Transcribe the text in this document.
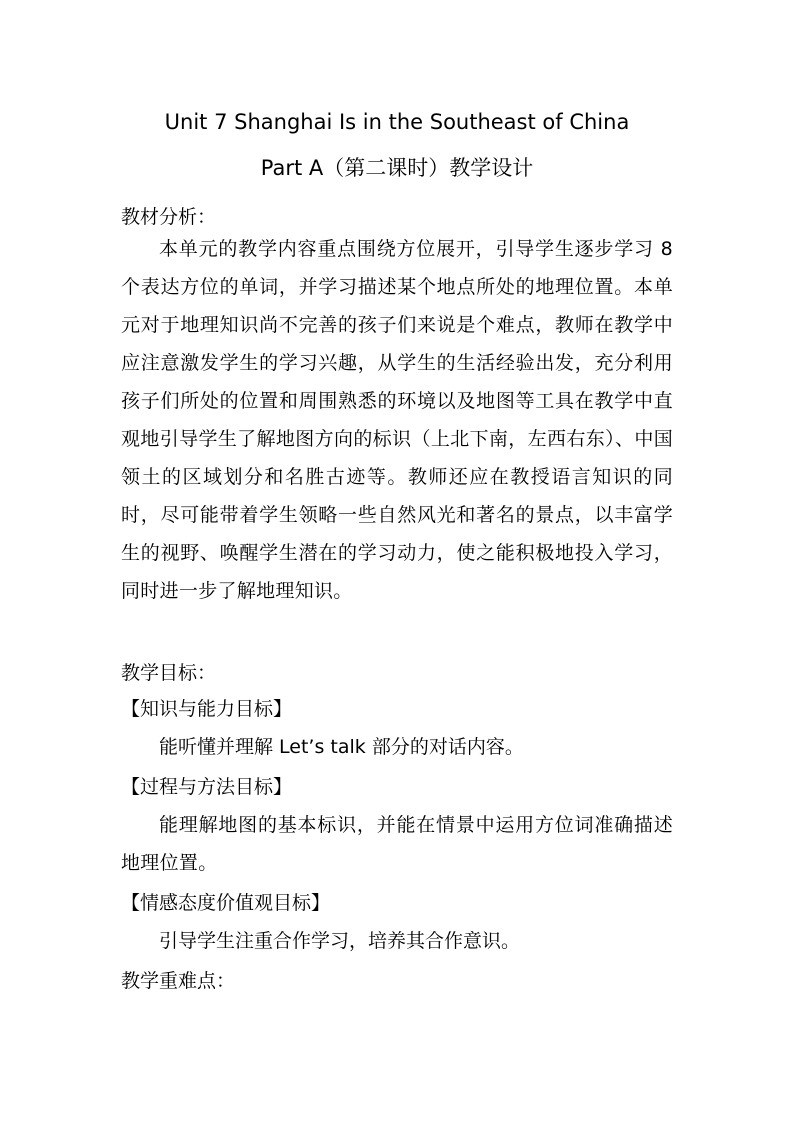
Unit 7 Shanghai Is in the Southeast of China
Part A（第二课时）教学设计
教材分析：
本单元的教学内容重点围绕方位展开，引导学生逐步学习 8 个表达方位的单词，并学习描述某个地点所处的地理位置。本单元对于地理知识尚不完善的孩子们来说是个难点，教师在教学中应注意激发学生的学习兴趣，从学生的生活经验出发，充分利用孩子们所处的位置和周围熟悉的环境以及地图等工具在教学中直观地引导学生了解地图方向的标识（上北下南，左西右东）、中国领土的区域划分和名胜古迹等。教师还应在教授语言知识的同时，尽可能带着学生领略一些自然风光和著名的景点，以丰富学生的视野、唤醒学生潜在的学习动力，使之能积极地投入学习，同时进一步了解地理知识。
教学目标：
【知识与能力目标】
能听懂并理解 Let’s talk 部分的对话内容。
【过程与方法目标】
能理解地图的基本标识，并能在情景中运用方位词准确描述地理位置。
【情感态度价值观目标】
引导学生注重合作学习，培养其合作意识。
教学重难点：
